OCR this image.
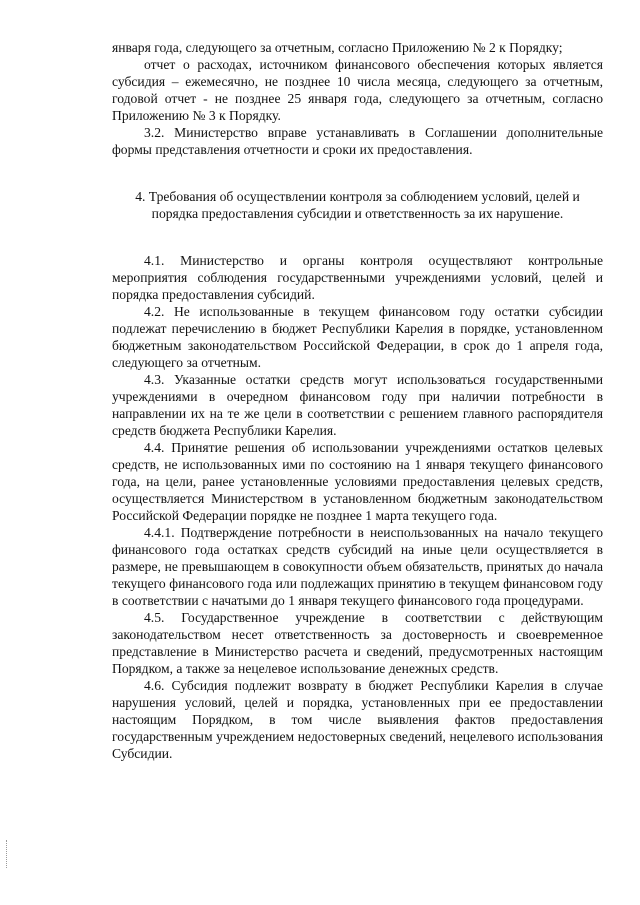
января года, следующего за отчетным, согласно Приложению № 2 к Порядку;

отчет о расходах, источником финансового обеспечения которых является субсидия – ежемесячно, не позднее 10 числа месяца, следующего за отчетным, годовой отчет - не позднее 25 января года, следующего за отчетным, согласно Приложению № 3 к Порядку.

3.2. Министерство вправе устанавливать в Соглашении дополнительные формы представления отчетности и сроки их предоставления.

4. Требования об осуществлении контроля за соблюдением условий, целей и порядка предоставления субсидии и ответственность за их нарушение.

4.1. Министерство и органы контроля осуществляют контрольные мероприятия соблюдения государственными учреждениями условий, целей и порядка предоставления субсидий.

4.2. Не использованные в текущем финансовом году остатки субсидии подлежат перечислению в бюджет Республики Карелия в порядке, установленном бюджетным законодательством Российской Федерации, в срок до 1 апреля года, следующего за отчетным.

4.3. Указанные остатки средств могут использоваться государственными учреждениями в очередном финансовом году при наличии потребности в направлении их на те же цели в соответствии с решением главного распорядителя средств бюджета Республики Карелия.

4.4. Принятие решения об использовании учреждениями остатков целевых средств, не использованных ими по состоянию на 1 января текущего финансового года, на цели, ранее установленные условиями предоставления целевых средств, осуществляется Министерством в установленном бюджетным законодательством Российской Федерации порядке не позднее 1 марта текущего года.

4.4.1. Подтверждение потребности в неиспользованных на начало текущего финансового года остатках средств субсидий на иные цели осуществляется в размере, не превышающем в совокупности объем обязательств, принятых до начала текущего финансового года или подлежащих принятию в текущем финансовом году в соответствии с начатыми до 1 января текущего финансового года процедурами.

4.5. Государственное учреждение в соответствии с действующим законодательством несет ответственность за достоверность и своевременное представление в Министерство расчета и сведений, предусмотренных настоящим Порядком, а также за нецелевое использование денежных средств.

4.6. Субсидия подлежит возврату в бюджет Республики Карелия в случае нарушения условий, целей и порядка, установленных при ее предоставлении настоящим Порядком, в том числе выявления фактов предоставления государственным учреждением недостоверных сведений, нецелевого использования Субсидии.
